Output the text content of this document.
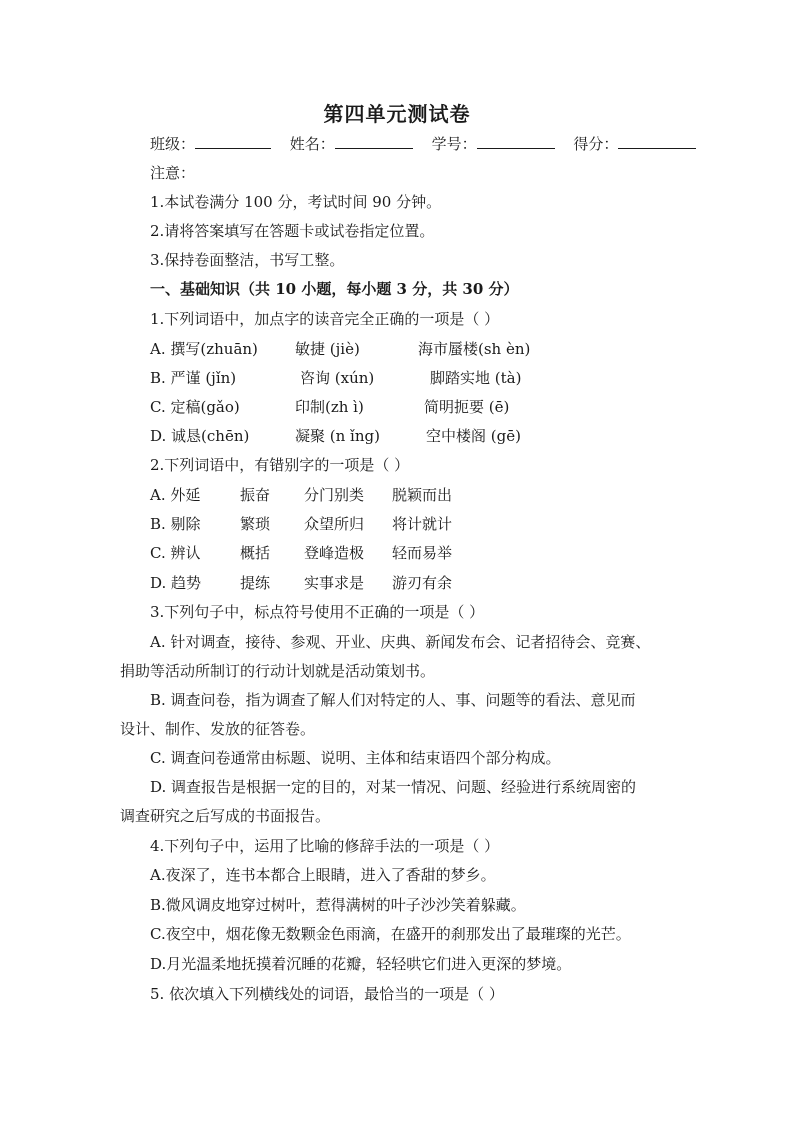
第四单元测试卷
班级：	姓名：	学号：	得分：
注意：
1.本试卷满分 100 分，考试时间 90 分钟。
2.请将答案填写在答题卡或试卷指定位置。
3.保持卷面整洁，书写工整。
一、基础知识（共 10 小题，每小题 3 分，共 30 分）
1.下列词语中，加点字的读音完全正确的一项是（ ）
A. 撰写(zhuān) 敏捷 (jiè)	海市蜃楼(sh èn)
B. 严谨 (jǐn)	咨询 (xún)	脚踏实地 (tà)
C. 定稿(gǎo)	印制(zh ì)	简明扼要 (ē)
D. 诚恳(chēn)	凝聚 (n ǐng)	空中楼阁 (gē)
2.下列词语中，有错别字的一项是（ ）
A. 外延	振奋 分门别类 脱颖而出
B. 剔除	繁琐 众望所归 将计就计
C. 辨认	概括 登峰造极 轻而易举
D. 趋势	提练 实事求是 游刃有余
3.下列句子中，标点符号使用不正确的一项是（ ）
A. 针对调查，接待、参观、开业、庆典、新闻发布会、记者招待会、竞赛、
捐助等活动所制订的行动计划就是活动策划书。
B. 调查问卷，指为调查了解人们对特定的人、事、问题等的看法、意见而
设计、制作、发放的征答卷。
C. 调查问卷通常由标题、说明、主体和结束语四个部分构成。
D. 调查报告是根据一定的目的，对某一情况、问题、经验进行系统周密的
调查研究之后写成的书面报告。
4.下列句子中，运用了比喻的修辞手法的一项是（ ）
A.夜深了，连书本都合上眼睛，进入了香甜的梦乡。
B.微风调皮地穿过树叶，惹得满树的叶子沙沙笑着躲藏。
C.夜空中，烟花像无数颗金色雨滴，在盛开的刹那发出了最璀璨的光芒。
D.月光温柔地抚摸着沉睡的花瓣，轻轻哄它们进入更深的梦境。
5. 依次填入下列横线处的词语，最恰当的一项是（ ）
